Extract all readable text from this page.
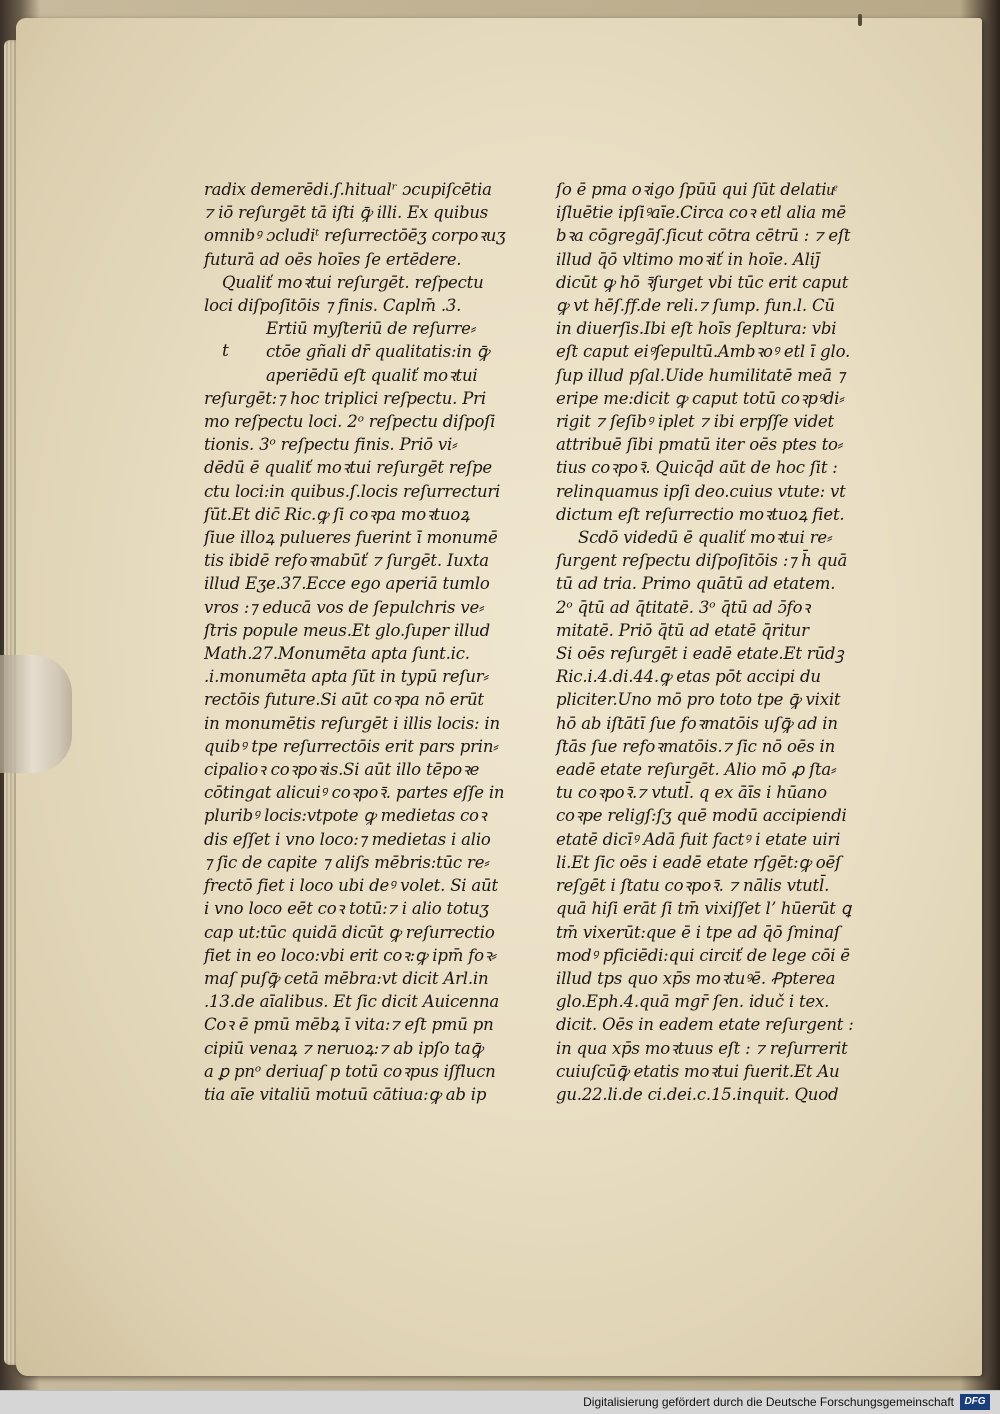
radix demerēdi.ſ.hitualʳ ɔcupiſcētia
⁊ iō reſurgēt tā iſti ꝙ̄ illi. Ex quibus
omnibꝰ ɔcludiᵗ reſurrectōēʒ corpoꝛuʒ
futurā ad oēs hoīes ſe ertēdere.
Qualiť moꝛtui reſurgēt. reſpectu
loci diſpoſitōis ⁊ finis. Caplm̄ .3.
Ertiū myſteriū de reſurre⸗
ctōe gñali dr̄ qualitatis:in ꝙ̄
aperiēdū eſt qualiť moꝛtui
reſurgēt:⁊ hoc triplici reſpectu. Pri
mo reſpectu loci. 2ᵒ reſpectu diſpoſi
tionis. 3ᵒ reſpectu finis. Priō vi⸗
dēdū ē qualiť moꝛtui reſurgēt reſpe
ctu loci:in quibus.ſ.locis reſurrecturi
ſūt.Et dic̄ Ric.ꝙ ſi coꝛpa moꝛtuoꝝ
ſiue illoꝝ pulueres fuerint ī monumē
tis ibidē refoꝛmabūť ⁊ ſurgēt. Iuxta
illud Eʒe.37.Ecce ego aperiā tumlo
vros :⁊ educā vos de ſepulchris ve⸗
ſtris popule meus.Et glo.ſuper illud
Math.27.Monumēta apta ſunt.ic.
.i.monumēta apta ſūt in typū reſur⸗
rectōis future.Si aūt coꝛpa nō erūt
in monumētis reſurgēt i illis locis: in
quibꝰ tpe reſurrectōis erit pars prin⸗
cipalioꝛ coꝛpoꝛis.Si aūt illo tēpoꝛe
cōtingat alicuiꝰ coꝛpoꝛ̄. partes eſſe in
pluribꝰ locis:vtpote ꝙ medietas coꝛ
dis eſſet i vno loco:⁊ medietas i alio
⁊ ſic de capite ⁊ aliſs mēbris:tūc re⸗
frectō fiet i loco ubi deꝰ volet. Si aūt
i vno loco eēt coꝛ totū:⁊ i alio totuʒ
cap ut:tūc quidā dicūt ꝙ reſurrectio
fiet in eo loco:vbi erit coꝛ:ꝙ ipm̄ foꝛ⸗
maſ puſꝙ̄ cetā mēbra:vt dicit Arl.in
.13.de aīalibus. Et ſic dicit Auicenna
Coꝛ ē pmū mēbꝝ ī vita:⁊ eſt pmū pn
cipiū venaꝝ ⁊ neruoꝝ:⁊ ab ipſo taꝙ̄
a ꝑ pnᵒ deriuaſ p totū coꝛpus iſflucn
tia aīe vitaliū motuū cātiua:ꝙ ab ip
ſo ē pma oꝛigo ſpūū qui ſūt delatiuͤ
iſluētie ipſiꝰaīe.Circa coꝛ etl alia mē
bꝛa cōgregāſ.ſicut cōtra cētrū : ⁊ eſt
illud q̄ō vltimo moꝛiť in hoīe. Aliȷ̄
dicūt ꝙ hō ꝛ̄ſurget vbi tūc erit caput
ꝙ vt hēſ.ff.de reli.⁊ ſump. fun.l. Cū
in diuerſis.Ibi eſt hoīs ſepltura: vbi
eſt caput eiꝰſepultū.Ambꝛoꝰ etl ī glo.
ſup illud pſal.Uide humilitatē meā ⁊
eripe me:dicit ꝙ caput totū coꝛpꝰdi⸗
rigit ⁊ ſeſibꝰ iplet ⁊ ibi erpſſe videt
attribuē ſibi pmatū iter oēs ptes to⸗
tius coꝛpoꝛ̄. Quicq̄d aūt de hoc ſit :
relinquamus ipſi deo.cuius vtute: vt
dictum eſt reſurrectio moꝛtuoꝝ fiet.
Scdō videdū ē qualiť moꝛtui re⸗
ſurgent reſpectu diſpoſitōis :⁊ h̄ quā
tū ad tria. Primo quātū ad etatem.
2ᵒ q̄tū ad q̄titatē. 3ᵒ q̄tū ad ɔ̄foꝛ
mitatē. Priō q̄tū ad etatē q̄ritur
Si oēs reſurgēt i eadē etate.Et rūdꝫ
Ric.i.4.di.44.ꝙ etas pōt accipi du
pliciter.Uno mō pro toto tpe ꝙ̄ vixit
hō ab iſtātī ſue foꝛmatōis uſꝙ̄ ad in
ſtās ſue refoꝛmatōis.⁊ ſic nō oēs in
eadē etate reſurgēt. Alio mō ꝓ ſta⸗
tu coꝛpoꝛ̄.⁊ vtutl̄. q ex āīs i hūano
coꝛpe religſ:ſʒ quē modū accipiendi
etatē dicīꝰ Adā fuit factꝰ i etate uiri
li.Et ſic oēs i eadē etate rſgēt:ꝙ oēſ
reſgēt i ſtatu coꝛpoꝛ̄. ⁊ nālis vtutl̄.
quā hiſi erāt ſi tm̄ vixiſſet lʼ hūerūt ꝗ
tm̄ vixerūt:que ē i tpe ad q̄ō ſminaſ
modꝰ pficiēdi:qui circiť de lege cōi ē
illud tps quo xp̄s moꝛtuꝰē. Ꝓpterea
glo.Eph.4.quā mgr̄ ſen. iduč i tex.
dicit. Oēs in eadem etate reſurgent :
in qua xp̄s moꝛtuus eſt : ⁊ reſurrerit
cuiuſcūꝙ̄ etatis moꝛtui fuerit.Et Au
gu.22.li.de ci.dei.c.15.inquit. Quod
t
Digitalisierung gefördert durch die Deutsche Forschungsgemeinschaft	DFG
